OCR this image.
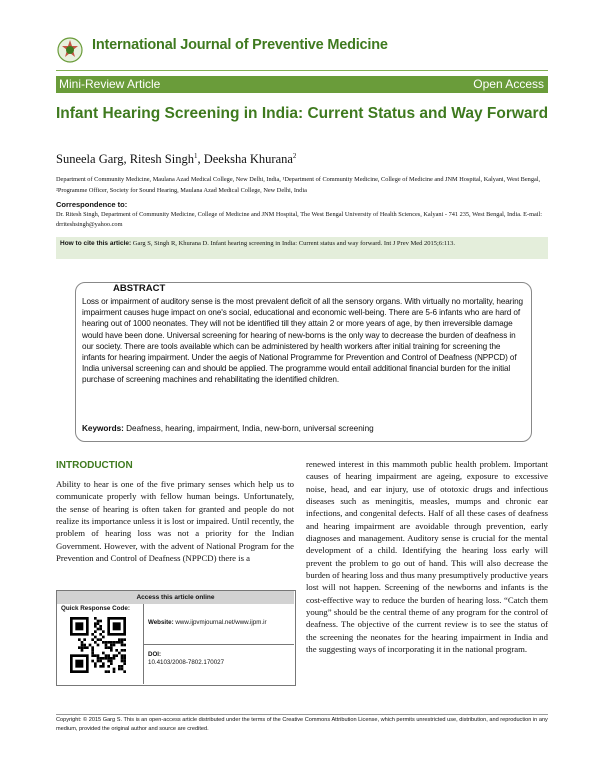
International Journal of Preventive Medicine
Mini-Review Article	Open Access
Infant Hearing Screening in India: Current Status and Way Forward
Suneela Garg, Ritesh Singh$^1$, Deeksha Khurana$^2$
Department of Community Medicine, Maulana Azad Medical College, New Delhi, India, ¹Department of Community Medicine, College of Medicine and JNM Hospital, Kalyani, West Bengal, ²Programme Officer, Society for Sound Hearing, Maulana Azad Medical College, New Delhi, India
Correspondence to:
Dr. Ritesh Singh, Department of Community Medicine, College of Medicine and JNM Hospital, The West Bengal University of Health Sciences, Kalyani - 741 235, West Bengal, India. E-mail: drriteshsingh@yahoo.com
How to cite this article: Garg S, Singh R, Khurana D. Infant hearing screening in India: Current status and way forward. Int J Prev Med 2015;6:113.
ABSTRACT
Loss or impairment of auditory sense is the most prevalent deficit of all the sensory organs. With virtually no mortality, hearing impairment causes huge impact on one's social, educational and economic well-being. There are 5-6 infants who are hard of hearing out of 1000 neonates. They will not be identified till they attain 2 or more years of age, by then irreversible damage would have been done. Universal screening for hearing of new-borns is the only way to decrease the burden of deafness in our society. There are tools available which can be administered by health workers after initial training for screening the infants for hearing impairment. Under the aegis of National Programme for Prevention and Control of Deafness (NPPCD) of India universal screening can and should be applied. The programme would entail additional financial burden for the initial purchase of screening machines and rehabilitating the identified children.
Keywords: Deafness, hearing, impairment, India, new-born, universal screening
INTRODUCTION
Ability to hear is one of the five primary senses which help us to communicate properly with fellow human beings. Unfortunately, the sense of hearing is often taken for granted and people do not realize its importance unless it is lost or impaired. Until recently, the problem of hearing loss was not a priority for the Indian Government. However, with the advent of National Program for the Prevention and Control of Deafness (NPPCD) there is a
renewed interest in this mammoth public health problem. Important causes of hearing impairment are ageing, exposure to excessive noise, head, and ear injury, use of ototoxic drugs and infectious diseases such as meningitis, measles, mumps and chronic ear infections, and congenital defects. Half of all these cases of deafness and hearing impairment are avoidable through prevention, early diagnoses and management. Auditory sense is crucial for the mental development of a child. Identifying the hearing loss early will prevent the problem to go out of hand. This will also decrease the burden of hearing loss and thus many presumptively productive years lost will not happen. Screening of the newborns and infants is the cost-effective way to reduce the burden of hearing loss. “Catch them young” should be the central theme of any program for the control of deafness. The objective of the current review is to see the status of the screening the neonates for the hearing impairment in India and the suggesting ways of incorporating it in the national program.
Access this article online
Quick Response Code:
Website: www.ijpvmjournal.net/www.ijpm.ir
DOI:
10.4103/2008-7802.170027
Copyright: © 2015 Garg S. This is an open-access article distributed under the terms of the Creative Commons Attribution License, which permits unrestricted use, distribution, and reproduction in any medium, provided the original author and source are credited.
